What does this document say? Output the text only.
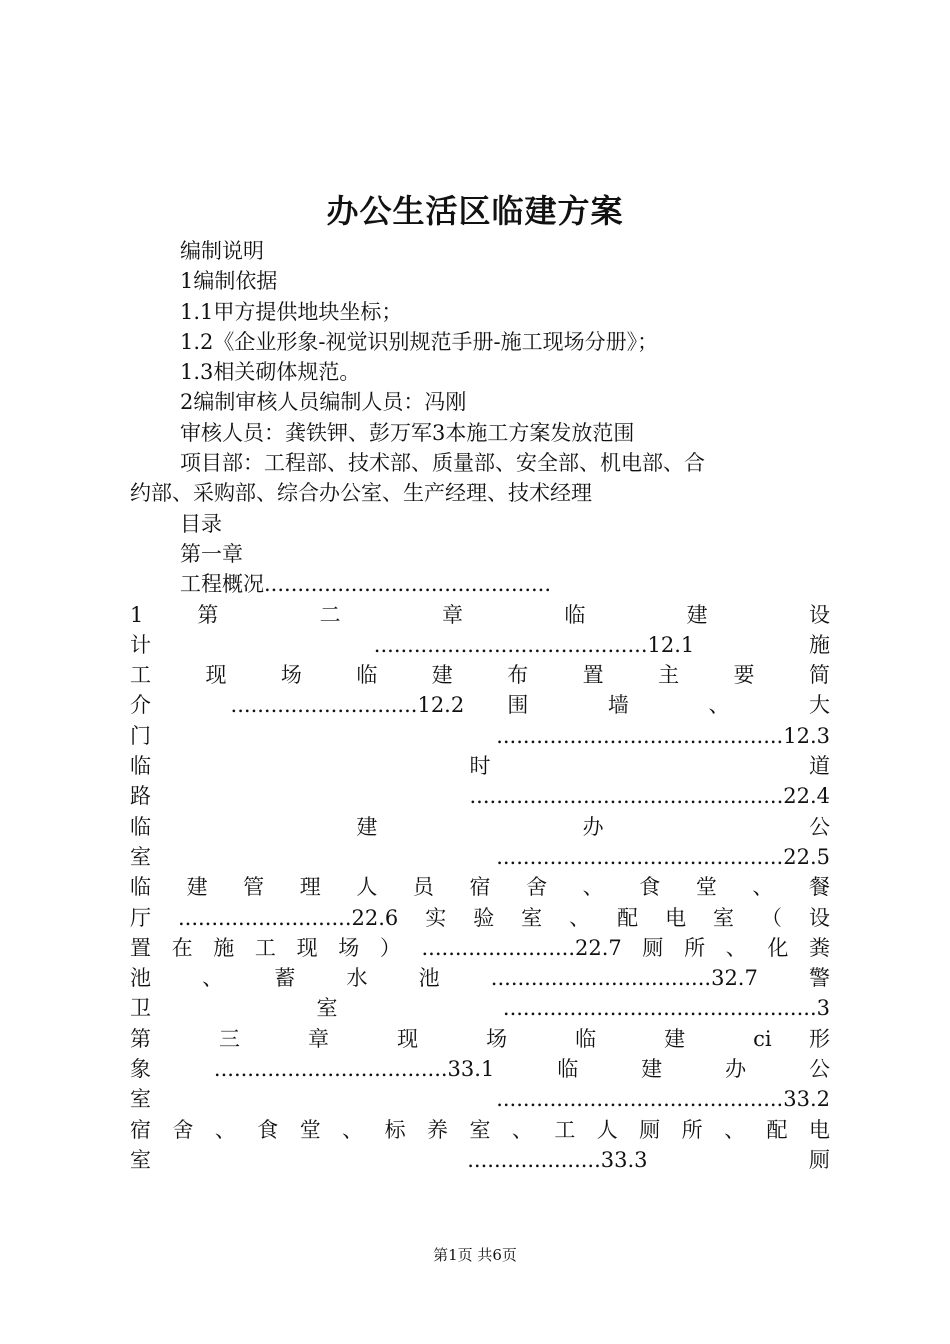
办公生活区临建方案
编制说明
1编制依据
1.1甲方提供地块坐标；
1.2《企业形象-视觉识别规范手册-施工现场分册》；
1.3相关砌体规范。
2编制审核人员编制人员：冯刚
审核人员：龚铁钾、彭万军3本施工方案发放范围
项目部：工程部、技术部、质量部、安全部、机电部、合
约部、采购部、综合办公室、生产经理、技术经理
目录
第一章
工程概况...........................................
1 第 二 章 临 建 设
计 .........................................12.1 施
工 现 场 临 建 布 置 主 要 简
介 ............................12.2 围 墙 、 大
门 ...........................................12.3
临 时 道
路...............................................22.4
临 建 办 公
室 ...........................................22.5
临 建 管 理 人 员 宿 舍 、 食 堂 、 餐
厅..........................22.6实验室、配电室（设
置在施工现场）.......................22.7厕所、化粪
池、蓄水池.................................32.7警
卫室...............................................3
第 三 章 现 场 临 建 ci 形
象...................................33.1临建办公
室 ...........................................33.2
宿 舍 、 食 堂 、 标 养 室 、 工 人 厕 所 、 配 电
室 ....................33.3 厕
第1页 共6页
